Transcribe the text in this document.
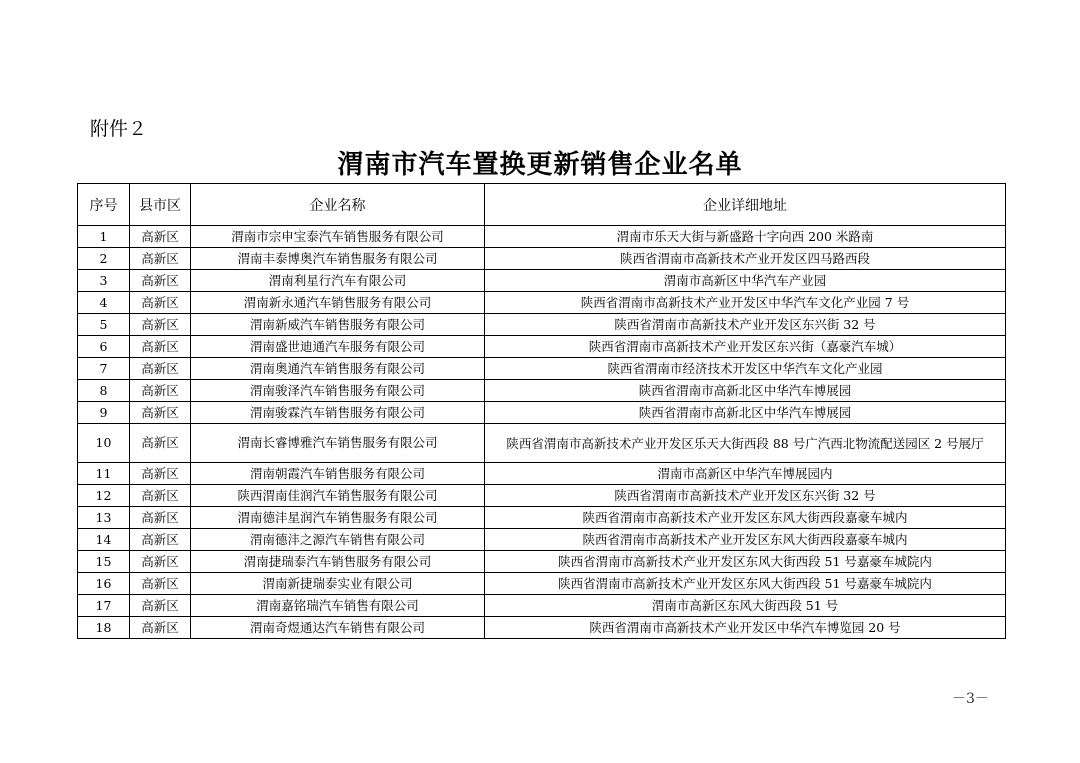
附件２
渭南市汽车置换更新销售企业名单
序号	县市区	企业名称	企业详细地址
1	高新区	渭南市宗申宝泰汽车销售服务有限公司	渭南市乐天大街与新盛路十字向西 200 米路南
2	高新区	渭南丰泰博奥汽车销售服务有限公司	陕西省渭南市高新技术产业开发区四马路西段
3	高新区	渭南利星行汽车有限公司	渭南市高新区中华汽车产业园
4	高新区	渭南新永通汽车销售服务有限公司	陕西省渭南市高新技术产业开发区中华汽车文化产业园 7 号
5	高新区	渭南新威汽车销售服务有限公司	陕西省渭南市高新技术产业开发区东兴街 32 号
6	高新区	渭南盛世迪通汽车服务有限公司	陕西省渭南市高新技术产业开发区东兴街（嘉豪汽车城）
7	高新区	渭南奥通汽车销售服务有限公司	陕西省渭南市经济技术开发区中华汽车文化产业园
8	高新区	渭南骏泽汽车销售服务有限公司	陕西省渭南市高新北区中华汽车博展园
9	高新区	渭南骏霖汽车销售服务有限公司	陕西省渭南市高新北区中华汽车博展园
10	高新区	渭南长睿博雅汽车销售服务有限公司	陕西省渭南市高新技术产业开发区乐天大街西段 88 号广汽西北物流配送园区 2 号展厅
11	高新区	渭南朝霞汽车销售服务有限公司	渭南市高新区中华汽车博展园内
12	高新区	陕西渭南佳润汽车销售服务有限公司	陕西省渭南市高新技术产业开发区东兴街 32 号
13	高新区	渭南德沣星润汽车销售服务有限公司	陕西省渭南市高新技术产业开发区东风大街西段嘉豪车城内
14	高新区	渭南德沣之源汽车销售有限公司	陕西省渭南市高新技术产业开发区东风大街西段嘉豪车城内
15	高新区	渭南捷瑞泰汽车销售服务有限公司	陕西省渭南市高新技术产业开发区东风大街西段 51 号嘉豪车城院内
16	高新区	渭南新捷瑞泰实业有限公司	陕西省渭南市高新技术产业开发区东风大街西段 51 号嘉豪车城院内
17	高新区	渭南嘉铭瑞汽车销售有限公司	渭南市高新区东风大街西段 51 号
18	高新区	渭南奇煜通达汽车销售有限公司	陕西省渭南市高新技术产业开发区中华汽车博览园 20 号
－3－
